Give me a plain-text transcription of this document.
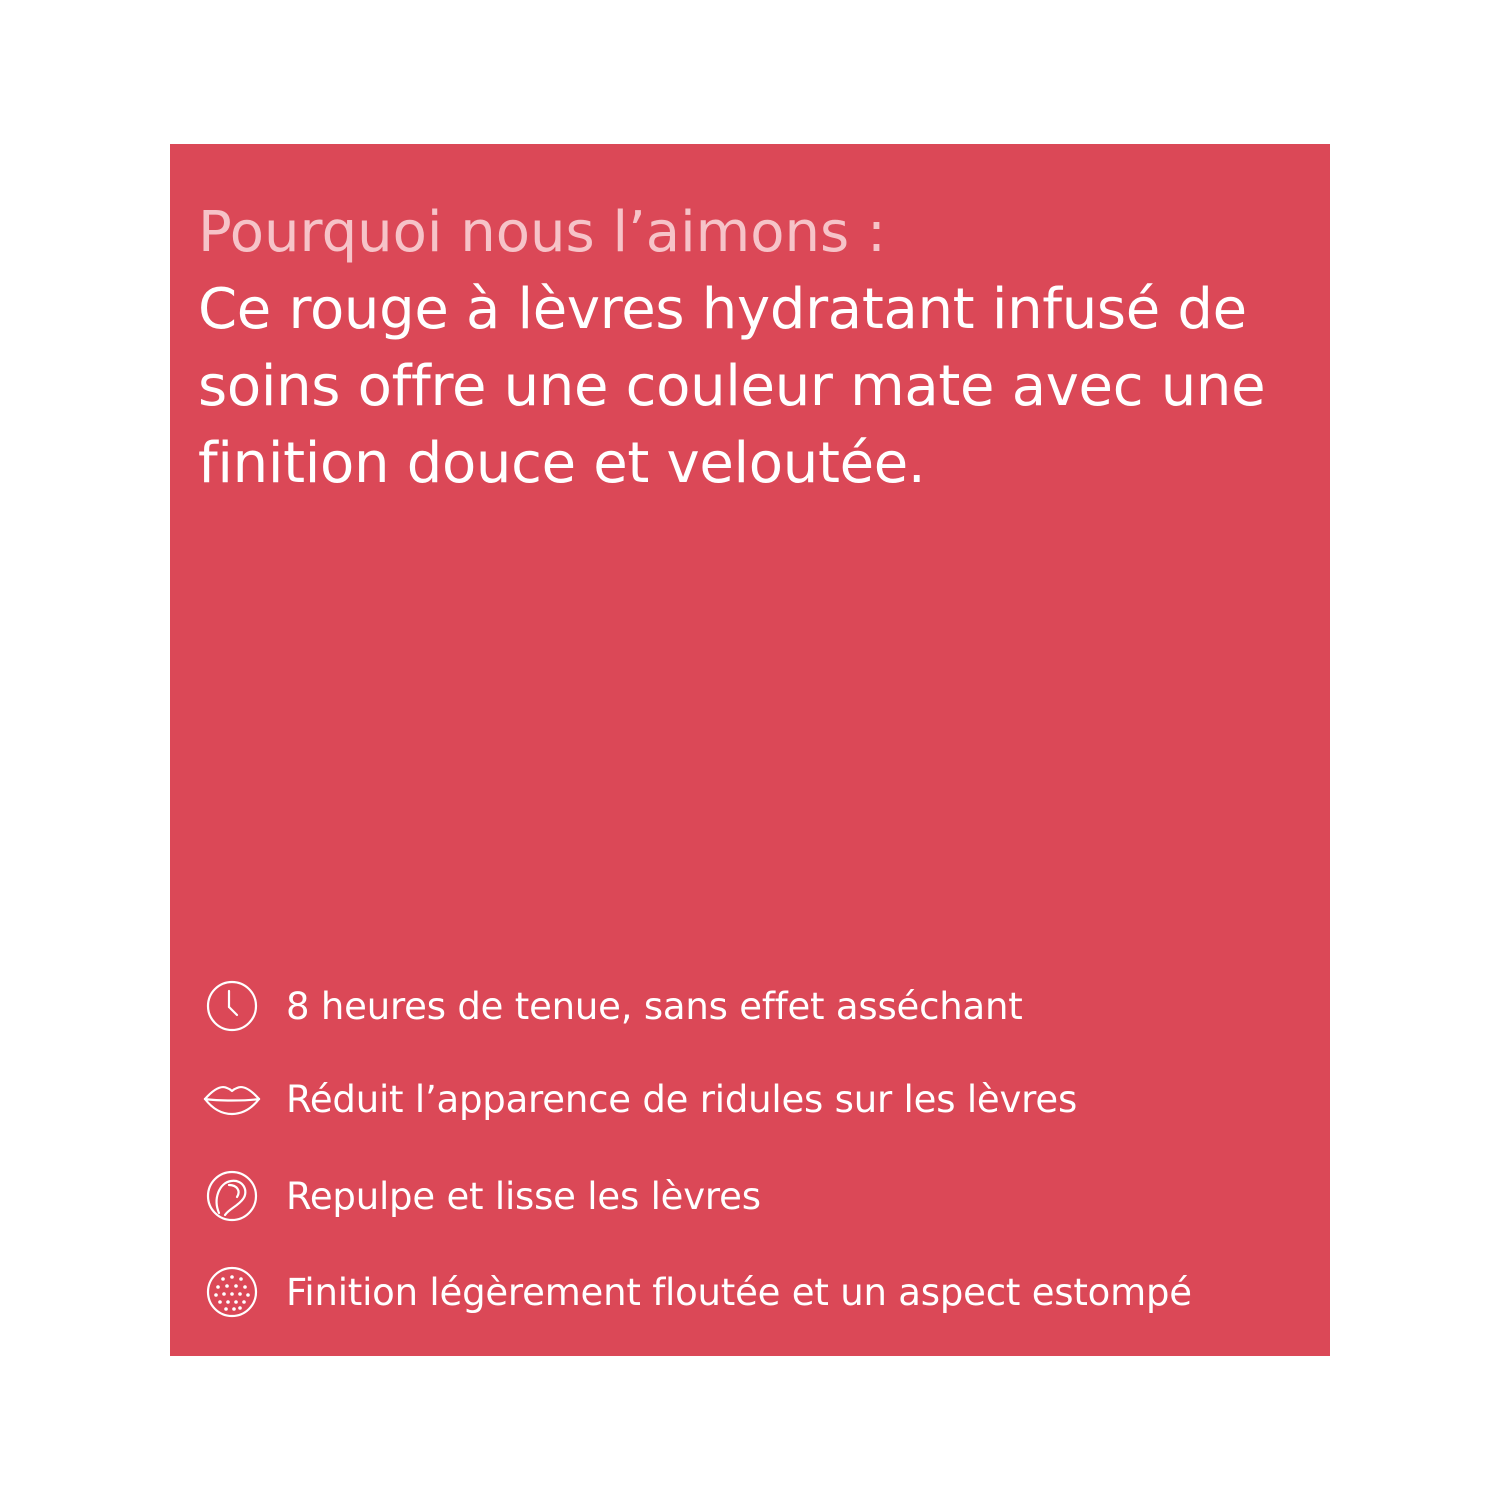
Pourquoi nous l’aimons :
Ce rouge à lèvres hydratant infusé de soins offre une couleur mate avec une finition douce et veloutée.
8 heures de tenue, sans effet asséchant
Réduit l’apparence de ridules sur les lèvres
Repulpe et lisse les lèvres
Finition légèrement floutée et un aspect estompé
